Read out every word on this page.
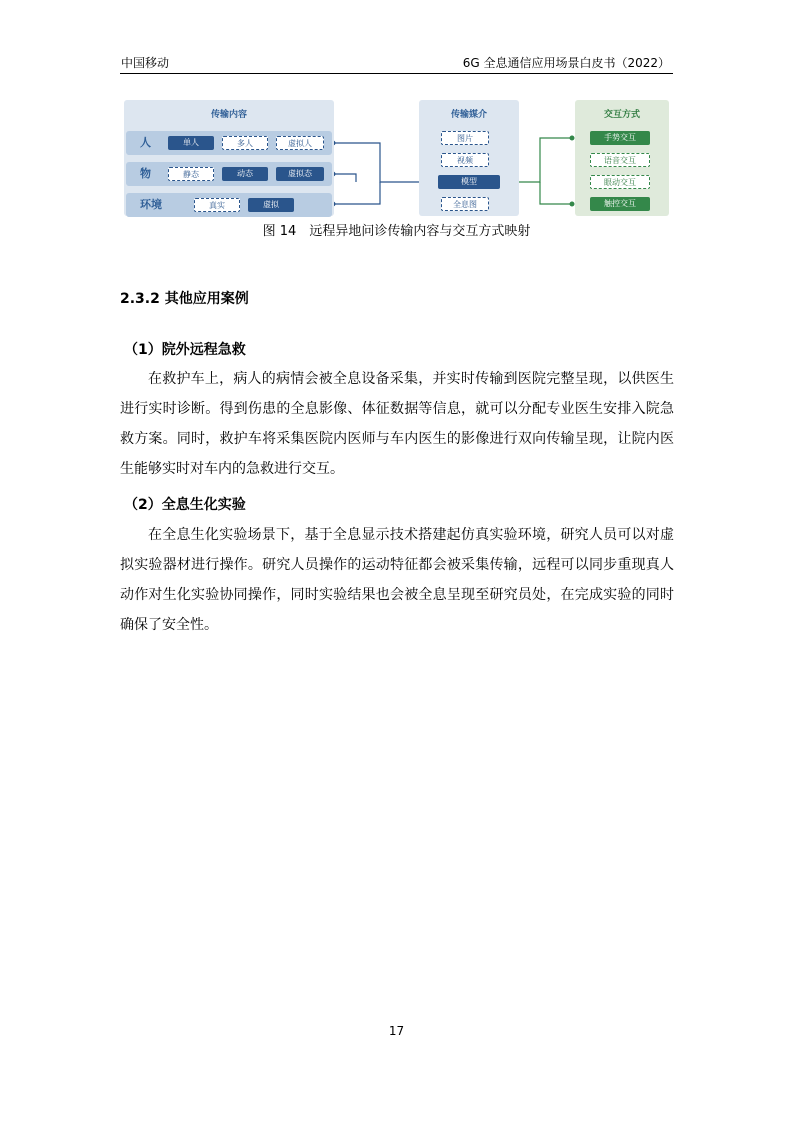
中国移动	6G 全息通信应用场景白皮书（2022）
传输内容
人	单人	多人	虚拟人
物	静态	动态	虚拟态
环境	真实	虚拟
传输媒介
图片
视频
模型
全息图
交互方式
手势交互
语音交互
眼动交互
触控交互
图 14　远程异地问诊传输内容与交互方式映射
2.3.2 其他应用案例
（1）院外远程急救
在救护车上，病人的病情会被全息设备采集，并实时传输到医院完整呈现，以供医生进行实时诊断。得到伤患的全息影像、体征数据等信息，就可以分配专业医生安排入院急救方案。同时，救护车将采集医院内医师与车内医生的影像进行双向传输呈现，让院内医生能够实时对车内的急救进行交互。
（2）全息生化实验
在全息生化实验场景下，基于全息显示技术搭建起仿真实验环境，研究人员可以对虚拟实验器材进行操作。研究人员操作的运动特征都会被采集传输，远程可以同步重现真人动作对生化实验协同操作，同时实验结果也会被全息呈现至研究员处，在完成实验的同时确保了安全性。
17
